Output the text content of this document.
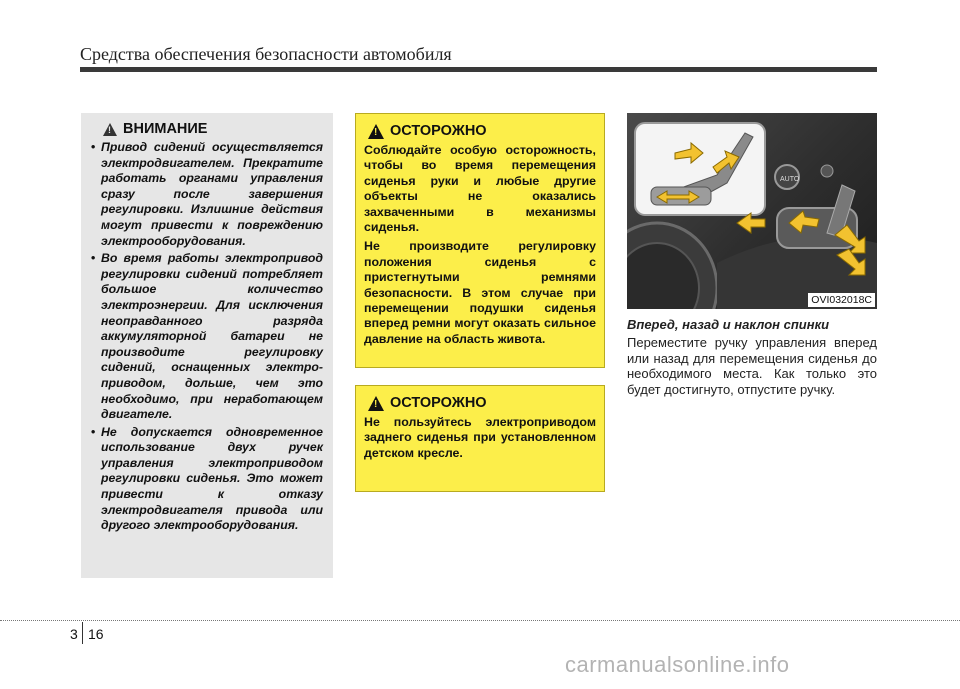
Средства обеспечения безопасности автомобиля
!
ВНИМАНИЕ
• Привод сидений осуществляется электродвигателем. Прекратите работать органами управления сразу после завершения регулировки. Излишние действия могут привести к повреждению электрооборудования.
• Во время работы электропривод регулировки сидений потребляет большое количество электроэнергии. Для исключения неоправданного разряда аккумуляторной батареи не производите регулировку сидений, оснащенных электро-приводом, дольше, чем это необходимо, при неработающем двигателе.
• Не допускается одновременное использование двух ручек управления электроприводом регулировки сиденья. Это может привести к отказу электродвигателя привода или другого электрооборудования.
!
ОСТОРОЖНО

Соблюдайте особую осторожность, чтобы во время перемещения сиденья руки и любые другие объекты не оказались захваченными в механизмы сиденья.

Не производите регулировку положения сиденья с пристегнутыми ремнями безопасности. В этом случае при перемещении подушки сиденья вперед ремни могут оказать сильное давление на область живота.

!
ОСТОРОЖНО

Не пользуйтесь электроприводом заднего сиденья при установленном детском кресле.

AUTO
OVI032018C
Вперед, назад и наклон спинки
Переместите ручку управления вперед или назад для перемещения сиденья до необходимого места. Как только это будет достигнуто, отпустите ручку.
3 16
carmanualsonline.info
